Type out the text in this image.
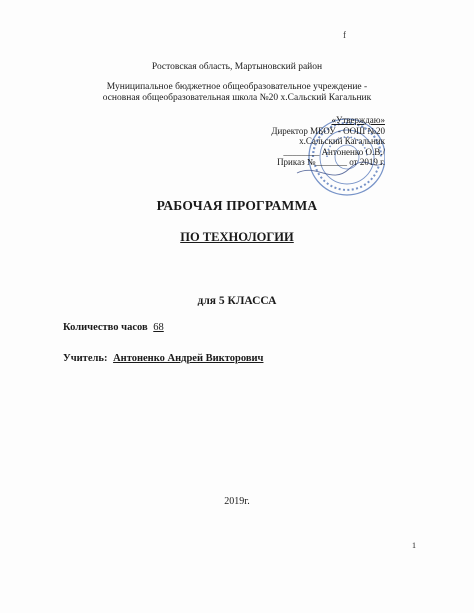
f
Ростовская область, Мартыновский район
Муниципальное бюджетное общеобразовательное учреждение -
основная общеобразовательная школа №20 х.Сальский Кагальник
«Утверждаю»
Директор МБОУ - ООШ №20
х.Сальский Кагальник
________ Антоненко О.В./
Приказ №_______ от 2019 г.
РАБОЧАЯ ПРОГРАММА
ПО ТЕХНОЛОГИИ
для 5 КЛАССА
Количество часов 68
Учитель: Антоненко Андрей Викторович
2019г.
1
